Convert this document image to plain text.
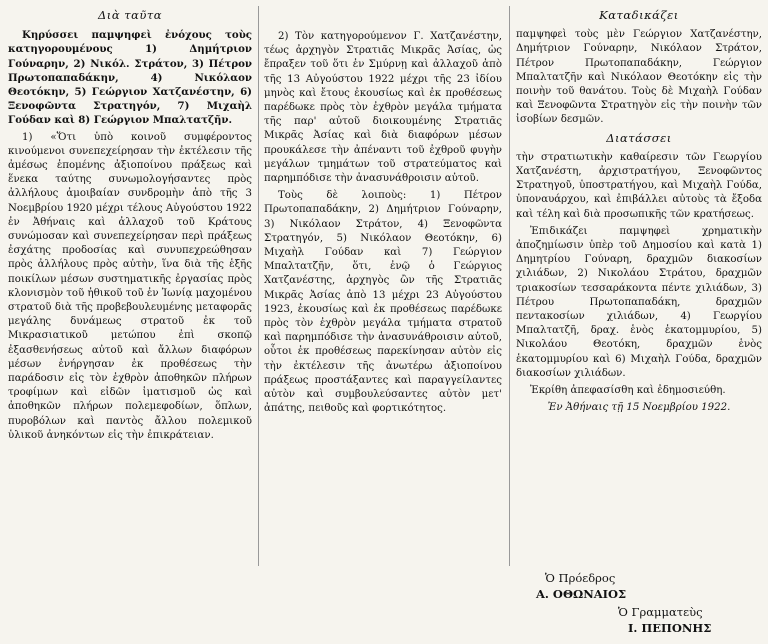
Διὰ ταῦτα

Κηρύσσει παμψηφεὶ ἐνόχους τοὺς κατηγορουμένους 1) Δημήτριον Γούναρην, 2) Νικόλ. Στράτον, 3) Πέτρον Πρωτοπαπαδάκην, 4) Νικόλαον Θεοτόκην, 5) Γεώργιον Χατζανέστην, 6) Ξενοφῶντα Στρατηγόν, 7) Μιχαὴλ Γούδαν καὶ 8) Γεώργιον Μπαλτατζῆν.

1) «Ὅτι ὑπὸ κοινοῦ συμφέροντος κινούμενοι συνεπεχείρησαν τὴν ἐκτέλεσιν τῆς ἀμέσως ἑπομένης ἀξιοποίνου πράξεως καὶ ἕνεκα ταύτης συνωμολογήσαντες πρὸς ἀλλήλους ἀμοιβαίαν συνδρομὴν ἀπὸ τῆς 3 Νοεμβρίου 1920 μέχρι τέλους Αὐγούστου 1922 ἐν Ἀθήναις καὶ ἀλλαχοῦ τοῦ Κράτους συνώμοσαν καὶ συνεπεχείρησαν περὶ πράξεως ἐσχάτης προδοσίας καὶ συνυπεχρεώθησαν πρὸς ἀλλήλους πρὸς αὐτὴν, ἵνα διὰ τῆς ἑξῆς ποικίλων μέσων συστηματικῆς ἐργασίας πρὸς κλονισμὸν τοῦ ἠθικοῦ τοῦ ἐν Ἰωνίᾳ μαχομένου στρατοῦ διὰ τῆς προβεβουλευμένης μεταφορᾶς μεγάλης δυνάμεως στρατοῦ ἐκ τοῦ Μικρασιατικοῦ μετώπου ἐπὶ σκοπῷ ἐξασθενήσεως αὐτοῦ καὶ ἄλλων διαφόρων μέσων ἐνήργησαν ἐκ προθέσεως τὴν παράδοσιν εἰς τὸν ἐχθρὸν ἀποθηκῶν πλήρων τροφίμων καὶ εἰδῶν ἱματισμοῦ ὡς καὶ ἀποθηκῶν πλήρων πολεμεφοδίων, ὅπλων, πυροβόλων καὶ παντὸς ἄλλου πολεμικοῦ ὑλικοῦ ἀνηκόντων εἰς τὴν ἐπικράτειαν.

2) Τὸν κατηγορούμενον Γ. Χατζανέστην, τέως ἀρχηγὸν Στρατιᾶς Μικρᾶς Ἀσίας, ὡς ἔπραξεν τοῦ ὅτι ἐν Σμύρνῃ καὶ ἀλλαχοῦ ἀπὸ τῆς 13 Αὐγούστου 1922 μέχρι τῆς 23 ἰδίου μηνὸς καὶ ἔτους ἐκουσίως καὶ ἐκ προθέσεως παρέδωκε πρὸς τὸν ἐχθρὸν μεγάλα τμήματα τῆς παρ' αὐτοῦ διοικουμένης Στρατιᾶς Μικρᾶς Ἀσίας καὶ διὰ διαφόρων μέσων προυκάλεσε τὴν ἀπέναντι τοῦ ἐχθροῦ φυγὴν μεγάλων τμημάτων τοῦ στρατεύματος καὶ παρημπόδισε τὴν ἀνασυνάθροισιν αὐτοῦ.

Τοὺς δὲ λοιποὺς: 1) Πέτρον Πρωτοπαπαδάκην, 2) Δημήτριον Γούναρην, 3) Νικόλαον Στράτον, 4) Ξενοφῶντα Στρατηγόν, 5) Νικόλαον Θεοτόκην, 6) Μιχαὴλ Γούδαν καὶ 7) Γεώργιον Μπαλτατζῆν, ὅτι, ἐνῷ ὁ Γεώργιος Χατζανέστης, ἀρχηγὸς ὢν τῆς Στρατιᾶς Μικρᾶς Ἀσίας ἀπὸ 13 μέχρι 23 Αὐγούστου 1923, ἐκουσίως καὶ ἐκ προθέσεως παρέδωκε πρὸς τὸν ἐχθρὸν μεγάλα τμήματα στρατοῦ καὶ παρημπόδισε τὴν ἀνασυνάθροισιν αὐτοῦ, οὗτοι ἐκ προθέσεως παρεκίνησαν αὐτὸν εἰς τὴν ἐκτέλεσιν τῆς ἀνωτέρω ἀξιοποίνου πράξεως προστάξαντες καὶ παραγγείλαντες αὐτὸν καὶ συμβουλεύσαντες αὐτὸν μετ' ἀπάτης, πειθοῦς καὶ φορτικότητος.

Καταδικάζει

παμψηφεὶ τοὺς μὲν Γεώργιον Χατζανέστην, Δημήτριον Γούναρην, Νικόλαον Στράτον, Πέτρον Πρωτοπαπαδάκην, Γεώργιον Μπαλτατζῆν καὶ Νικόλαον Θεοτόκην εἰς τὴν ποινὴν τοῦ θανάτου. Τοὺς δὲ Μιχαὴλ Γούδαν καὶ Ξενοφῶντα Στρατηγὸν εἰς τὴν ποινὴν τῶν ἰσοβίων δεσμῶν.

Διατάσσει

τὴν στρατιωτικὴν καθαίρεσιν τῶν Γεωργίου Χατζανέστη, ἀρχιστρατήγου, Ξενοφῶντος Στρατηγοῦ, ὑποστρατήγου, καὶ Μιχαὴλ Γούδα, ὑποναυάρχου, καὶ ἐπιβάλλει αὐτοὺς τὰ ἔξοδα καὶ τέλη καὶ διὰ προσωπικῆς τῶν κρατήσεως.

Ἐπιδικάζει παμψηφεὶ χρηματικὴν ἀποζημίωσιν ὑπὲρ τοῦ Δημοσίου καὶ κατὰ 1) Δημητρίου Γούναρη, δραχμῶν διακοσίων χιλιάδων, 2) Νικολάου Στράτου, δραχμῶν τριακοσίων τεσσαράκοντα πέντε χιλιάδων, 3) Πέτρου Πρωτοπαπαδάκη, δραχμῶν πεντακοσίων χιλιάδων, 4) Γεωργίου Μπαλτατζῆ, δραχ. ἑνὸς ἑκατομμυρίου, 5) Νικολάου Θεοτόκη, δραχμῶν ἑνὸς ἑκατομμυρίου καὶ 6) Μιχαὴλ Γούδα, δραχμῶν διακοσίων χιλιάδων.

Ἐκρίθη ἀπεφασίσθη καὶ ἐδημοσιεύθη.

Ἐν Ἀθήναις τῇ 15 Νοεμβρίου 1922.

Ὁ Πρόεδρος
Α. ΟΘΩΝΑΙΟΣ
Ὁ Γραμματεὺς
Ι. ΠΕΠΟΝΗΣ
